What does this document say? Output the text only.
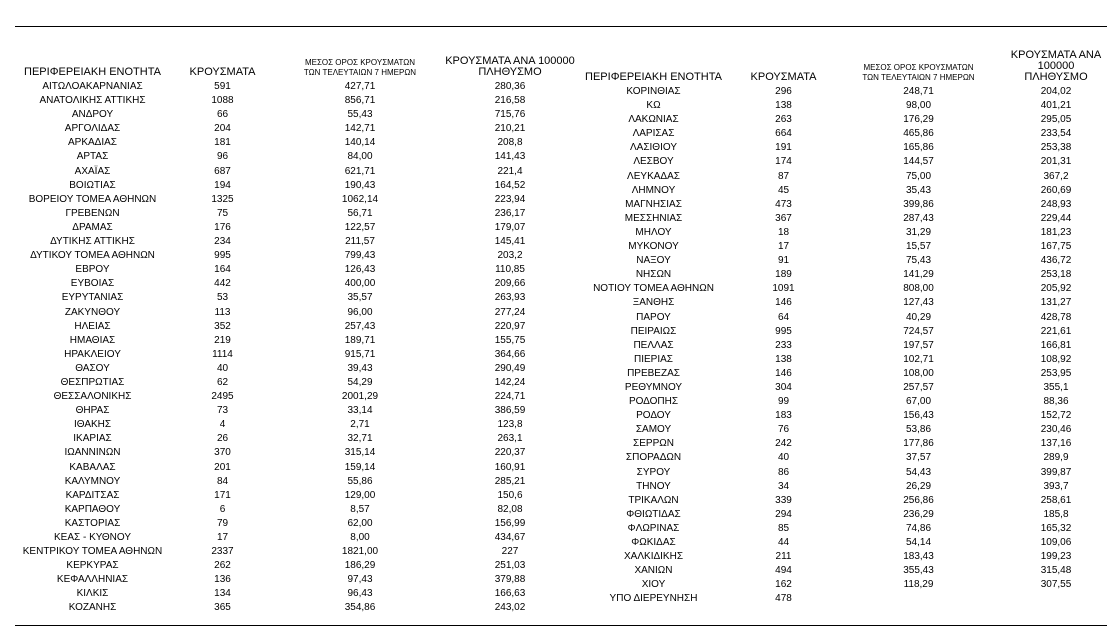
ΠΕΡΙΦΕΡΕΙΑΚΗ ΕΝΟΤΗΤΑ	ΚΡΟΥΣΜΑΤΑ	ΜΕΣΟΣ ΟΡΟΣ ΚΡΟΥΣΜΑΤΩΝ
ΤΩΝ ΤΕΛΕΥΤΑΙΩΝ 7 ΗΜΕΡΩΝ	ΚΡΟΥΣΜΑΤΑ ΑΝΑ 100000
ΠΛΗΘΥΣΜΟ
ΑΙΤΩΛΟΑΚΑΡΝΑΝΙΑΣ	591	427,71	280,36
ΑΝΑΤΟΛΙΚΗΣ ΑΤΤΙΚΗΣ	1088	856,71	216,58
ΑΝΔΡΟΥ	66	55,43	715,76
ΑΡΓΟΛΙΔΑΣ	204	142,71	210,21
ΑΡΚΑΔΙΑΣ	181	140,14	208,8
ΑΡΤΑΣ	96	84,00	141,43
ΑΧΑΪΑΣ	687	621,71	221,4
ΒΟΙΩΤΙΑΣ	194	190,43	164,52
ΒΟΡΕΙΟΥ ΤΟΜΕΑ ΑΘΗΝΩΝ	1325	1062,14	223,94
ΓΡΕΒΕΝΩΝ	75	56,71	236,17
ΔΡΑΜΑΣ	176	122,57	179,07
ΔΥΤΙΚΗΣ ΑΤΤΙΚΗΣ	234	211,57	145,41
ΔΥΤΙΚΟΥ ΤΟΜΕΑ ΑΘΗΝΩΝ	995	799,43	203,2
ΕΒΡΟΥ	164	126,43	110,85
ΕΥΒΟΙΑΣ	442	400,00	209,66
ΕΥΡΥΤΑΝΙΑΣ	53	35,57	263,93
ΖΑΚΥΝΘΟΥ	113	96,00	277,24
ΗΛΕΙΑΣ	352	257,43	220,97
ΗΜΑΘΙΑΣ	219	189,71	155,75
ΗΡΑΚΛΕΙΟΥ	1114	915,71	364,66
ΘΑΣΟΥ	40	39,43	290,49
ΘΕΣΠΡΩΤΙΑΣ	62	54,29	142,24
ΘΕΣΣΑΛΟΝΙΚΗΣ	2495	2001,29	224,71
ΘΗΡΑΣ	73	33,14	386,59
ΙΘΑΚΗΣ	4	2,71	123,8
ΙΚΑΡΙΑΣ	26	32,71	263,1
ΙΩΑΝΝΙΝΩΝ	370	315,14	220,37
ΚΑΒΑΛΑΣ	201	159,14	160,91
ΚΑΛΥΜΝΟΥ	84	55,86	285,21
ΚΑΡΔΙΤΣΑΣ	171	129,00	150,6
ΚΑΡΠΑΘΟΥ	6	8,57	82,08
ΚΑΣΤΟΡΙΑΣ	79	62,00	156,99
ΚΕΑΣ - ΚΥΘΝΟΥ	17	8,00	434,67
ΚΕΝΤΡΙΚΟΥ ΤΟΜΕΑ ΑΘΗΝΩΝ	2337	1821,00	227
ΚΕΡΚΥΡΑΣ	262	186,29	251,03
ΚΕΦΑΛΛΗΝΙΑΣ	136	97,43	379,88
ΚΙΛΚΙΣ	134	96,43	166,63
ΚΟΖΑΝΗΣ	365	354,86	243,02
ΠΕΡΙΦΕΡΕΙΑΚΗ ΕΝΟΤΗΤΑ	ΚΡΟΥΣΜΑΤΑ	ΜΕΣΟΣ ΟΡΟΣ ΚΡΟΥΣΜΑΤΩΝ
ΤΩΝ ΤΕΛΕΥΤΑΙΩΝ 7 ΗΜΕΡΩΝ	ΚΡΟΥΣΜΑΤΑ ΑΝΑ 100000
ΠΛΗΘΥΣΜΟ
ΚΟΡΙΝΘΙΑΣ	296	248,71	204,02
ΚΩ	138	98,00	401,21
ΛΑΚΩΝΙΑΣ	263	176,29	295,05
ΛΑΡΙΣΑΣ	664	465,86	233,54
ΛΑΣΙΘΙΟΥ	191	165,86	253,38
ΛΕΣΒΟΥ	174	144,57	201,31
ΛΕΥΚΑΔΑΣ	87	75,00	367,2
ΛΗΜΝΟΥ	45	35,43	260,69
ΜΑΓΝΗΣΙΑΣ	473	399,86	248,93
ΜΕΣΣΗΝΙΑΣ	367	287,43	229,44
ΜΗΛΟΥ	18	31,29	181,23
ΜΥΚΟΝΟΥ	17	15,57	167,75
ΝΑΞΟΥ	91	75,43	436,72
ΝΗΣΩΝ	189	141,29	253,18
ΝΟΤΙΟΥ ΤΟΜΕΑ ΑΘΗΝΩΝ	1091	808,00	205,92
ΞΑΝΘΗΣ	146	127,43	131,27
ΠΑΡΟΥ	64	40,29	428,78
ΠΕΙΡΑΙΩΣ	995	724,57	221,61
ΠΕΛΛΑΣ	233	197,57	166,81
ΠΙΕΡΙΑΣ	138	102,71	108,92
ΠΡΕΒΕΖΑΣ	146	108,00	253,95
ΡΕΘΥΜΝΟΥ	304	257,57	355,1
ΡΟΔΟΠΗΣ	99	67,00	88,36
ΡΟΔΟΥ	183	156,43	152,72
ΣΑΜΟΥ	76	53,86	230,46
ΣΕΡΡΩΝ	242	177,86	137,16
ΣΠΟΡΑΔΩΝ	40	37,57	289,9
ΣΥΡΟΥ	86	54,43	399,87
ΤΗΝΟΥ	34	26,29	393,7
ΤΡΙΚΑΛΩΝ	339	256,86	258,61
ΦΘΙΩΤΙΔΑΣ	294	236,29	185,8
ΦΛΩΡΙΝΑΣ	85	74,86	165,32
ΦΩΚΙΔΑΣ	44	54,14	109,06
ΧΑΛΚΙΔΙΚΗΣ	211	183,43	199,23
ΧΑΝΙΩΝ	494	355,43	315,48
ΧΙΟΥ	162	118,29	307,55
ΥΠΟ ΔΙΕΡΕΥΝΗΣΗ	478		
